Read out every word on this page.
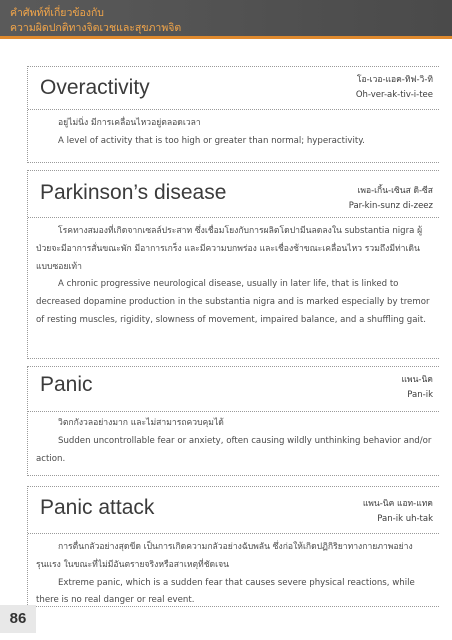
คำศัพท์ที่เกี่ยวข้องกับ
ความผิดปกติทางจิตเวชและสุขภาพจิต
Overactivity	โอ-เวอ-แอค-ทิฟ-วิ-ทิ
Oh-ver-ak-tiv-i-tee

อยู่ไม่นิ่ง มีการเคลื่อนไหวอยู่ตลอดเวลา

A level of activity that is too high or greater than normal; hyperactivity.

Parkinson’s disease	เพอ-เกิ้น-เซินส ดิ-ซีส
Par-kin-sunz di-zeez

โรคทางสมองที่เกิดจากเซลล์ประสาท ซึ่งเชื่อมโยงกับการผลิตโดปามีนลดลงใน substantia nigra ผู้ป่วยจะมีอาการสั่นขณะพัก มีอาการเกร็ง และมีความบกพร่อง และเชื่องช้าขณะเคลื่อนไหว รวมถึงมีท่าเดินแบบซอยเท้า

A chronic progressive neurological disease, usually in later life, that is linked to decreased dopamine production in the substantia nigra and is marked especially by tremor of resting muscles, rigidity, slowness of movement, impaired balance, and a shuffling gait.

Panic	แพน-นิค
Pan-ik

วิตกกังวลอย่างมาก และไม่สามารถควบคุมได้

Sudden uncontrollable fear or anxiety, often causing wildly unthinking behavior and/or action.

Panic attack	แพน-นิค แอท-แทค
Pan-ik uh-tak

การตื่นกลัวอย่างสุดขีด เป็นการเกิดความกลัวอย่างฉับพลัน ซึ่งก่อให้เกิดปฏิกิริยาทางกายภาพอย่างรุนแรง ในขณะที่ไม่มีอันตรายจริงหรือสาเหตุที่ชัดเจน

Extreme panic, which is a sudden fear that causes severe physical reactions, while there is no real danger or real event.

86
